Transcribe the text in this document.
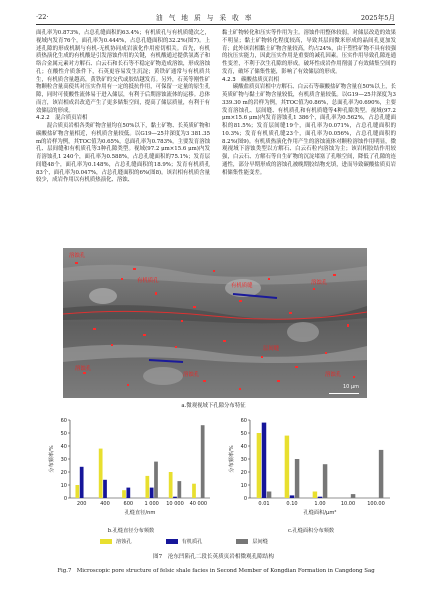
·22·	油 气 地 质 与 采 收 率	2025年5月

面孔率为0.873%，占总孔缝面积的63.4%；有机质孔与有机质缝次之，视域内发育76个，面孔率为0.444%，占总孔缝面积的32.2%(图7)。上述孔隙的形成机制与有机-无机协同成岩演化作用密切相关。首先，有机质热演化生成的有机酸是引发溶蚀作用的关键，有机酸通过提供氢离子和络合金属元素对方解石、白云石和长石等不稳定矿物造成溶蚀，形成溶蚀孔；在酸性介质条件下，石英更容易发生沉淀；黄铁矿通常与有机质共生，有机质含量越高，黄铁矿的交代或胶结越发育。另外，石英等刚性矿物颗粒含量高使其对压实作用有一定的抵抗作用，可保留一定量的原生孔隙，同时可使酸性流体易于进入储层，有利于后期溶蚀流体的运移。总体而言，该岩相成岩改造产生了更多储集空间，提高了储层质量，有利于有效储层的形成。

4.2.2　混合质页岩相

混合质页岩相各类矿物含量均在50%以下，黏土矿物、长英质矿物和碳酸盐矿物含量相近，有机质含量较低。以G19—25井深度为3 381.35 m的岩样为例，其TOC值为0.65%，总面孔率为0.783%，主要发育溶蚀孔、层间缝和有机质孔等3种孔隙类型。视域(97.2 μm×15.6 μm)内发育溶蚀孔1 240个，面孔率为0.588%，占总孔缝面积的75.1%；发育层间缝48个，面孔率为0.148%，占总孔缝面积的18.9%；发育有机质孔83个，面孔率为0.047%，占总孔缝面积的6%(图8)。该岩相有机质含量较少，成岩作用以有机质热演化、溶蚀、

黏土矿物转化和压实等作用为主。溶蚀作用整体较弱，对储层改造的效果不明显；黏土矿物转化程度较高，导致其层间微米形成的晶间孔更加发育；此外该岩相黏土矿物含量较高，约占24%，由于塑性矿物不具有较强的抗压实能力，因此压实作用是重要的减孔因素。压实作用导致孔隙连通性变差，不利于次生孔隙的形成。破坏性成岩作用削弱了有效储集空间的发育，破坏了储集性能，影响了有效储层的形成。

4.2.3　碳酸盐质页岩相

碳酸盐质页岩相中方解石、白云石等碳酸盐矿物含量在50%以上，长英质矿物与黏土矿物含量较低，有机质含量较低。以G19—25井深度为3 339.30 m的岩样为例，其TOC值为0.86%，总面孔率为0.690%，主要发育溶蚀孔、层间缝、有机质孔和有机质缝等4种孔隙类型。视域(97.2 μm×15.6 μm)内发育溶蚀孔1 386个，面孔率为0.562%，占总孔缝面积的81.5%；发育层间缝19个，面孔率为0.071%，占总孔缝面积的10.3%；发育有机质孔缝23个，面孔率为0.056%，占总孔缝面积的8.2%(图9)。有机质热演化作用产生的溶蚀流体对颗粒溶蚀作用明显，微观视域下溶蚀类型以方解石、白云石粒内溶蚀为主；该岩相胶结作用较强，白云石、方解石等自生矿物的沉淀堵塞了孔喉空间，降低了孔隙的连通性，部分早期形成的溶蚀孔被晚期胶结物充填，进而导致碳酸盐质页岩相储集性能变差。

溶蚀孔
有机质孔
有机质缝	溶蚀孔
溶蚀孔
溶蚀孔
层间缝
溶蚀孔
10 μm
a.微观视域下孔隙分布特征
0
10
20
30
40
50
60
200	400	600 1 000 10 000 40 000
孔缝直径/nm
分布频率/%
b.孔缝直径分布频数
0
10
20
30
40
50
60
0.01	0.10	1.00	10.00 100.00
孔缝面积/μm²
分布频率/%
c.孔缝面积分布频数
溶蚀孔	有机质孔	层间缝
图7　沧东凹陷孔二段长英质页岩相微观孔隙结构
Fig.7　Microscopic pore structure of felsic shale facies in Second Member of Kongdian Formation in Cangdong Sag
